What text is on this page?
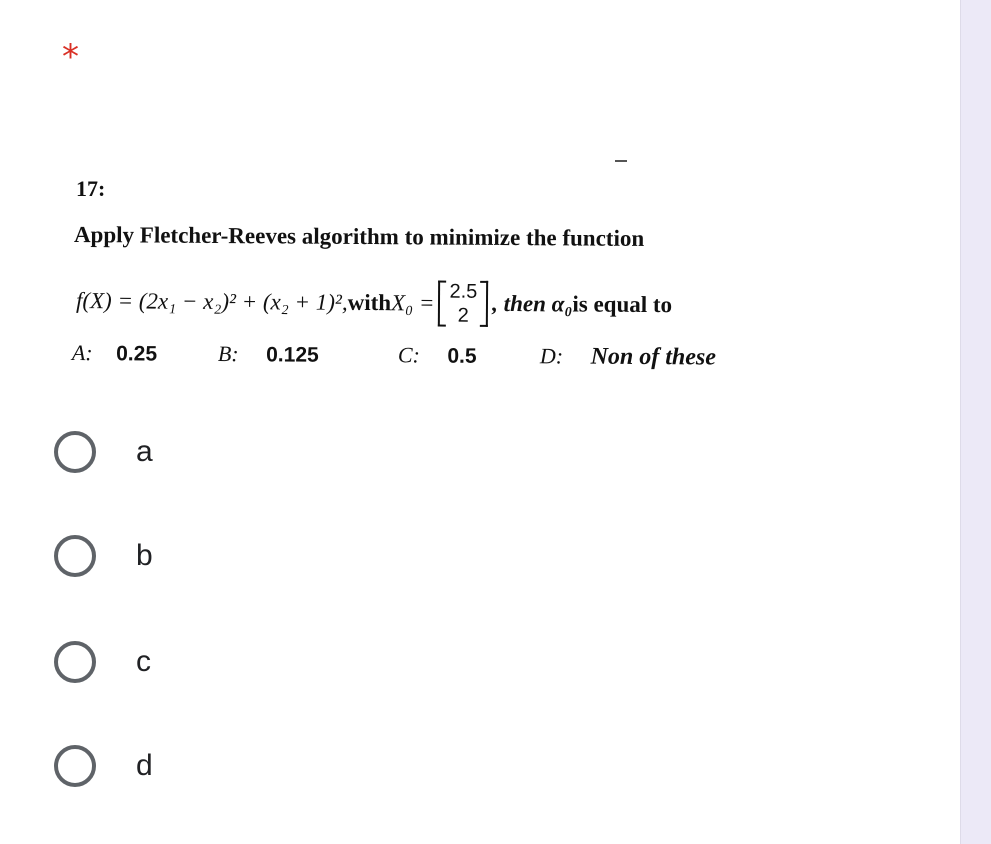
*
17:
Apply Fletcher-Reeves algorithm to minimize the function
f(X) = (2x₁ − x₂)² + (x₂ + 1)², with X₀ = 2.5
2 , then α₀ is equal to
A: 0.25	B: 0.125	C: 0.5	D: Non of these
a
b
c
d
